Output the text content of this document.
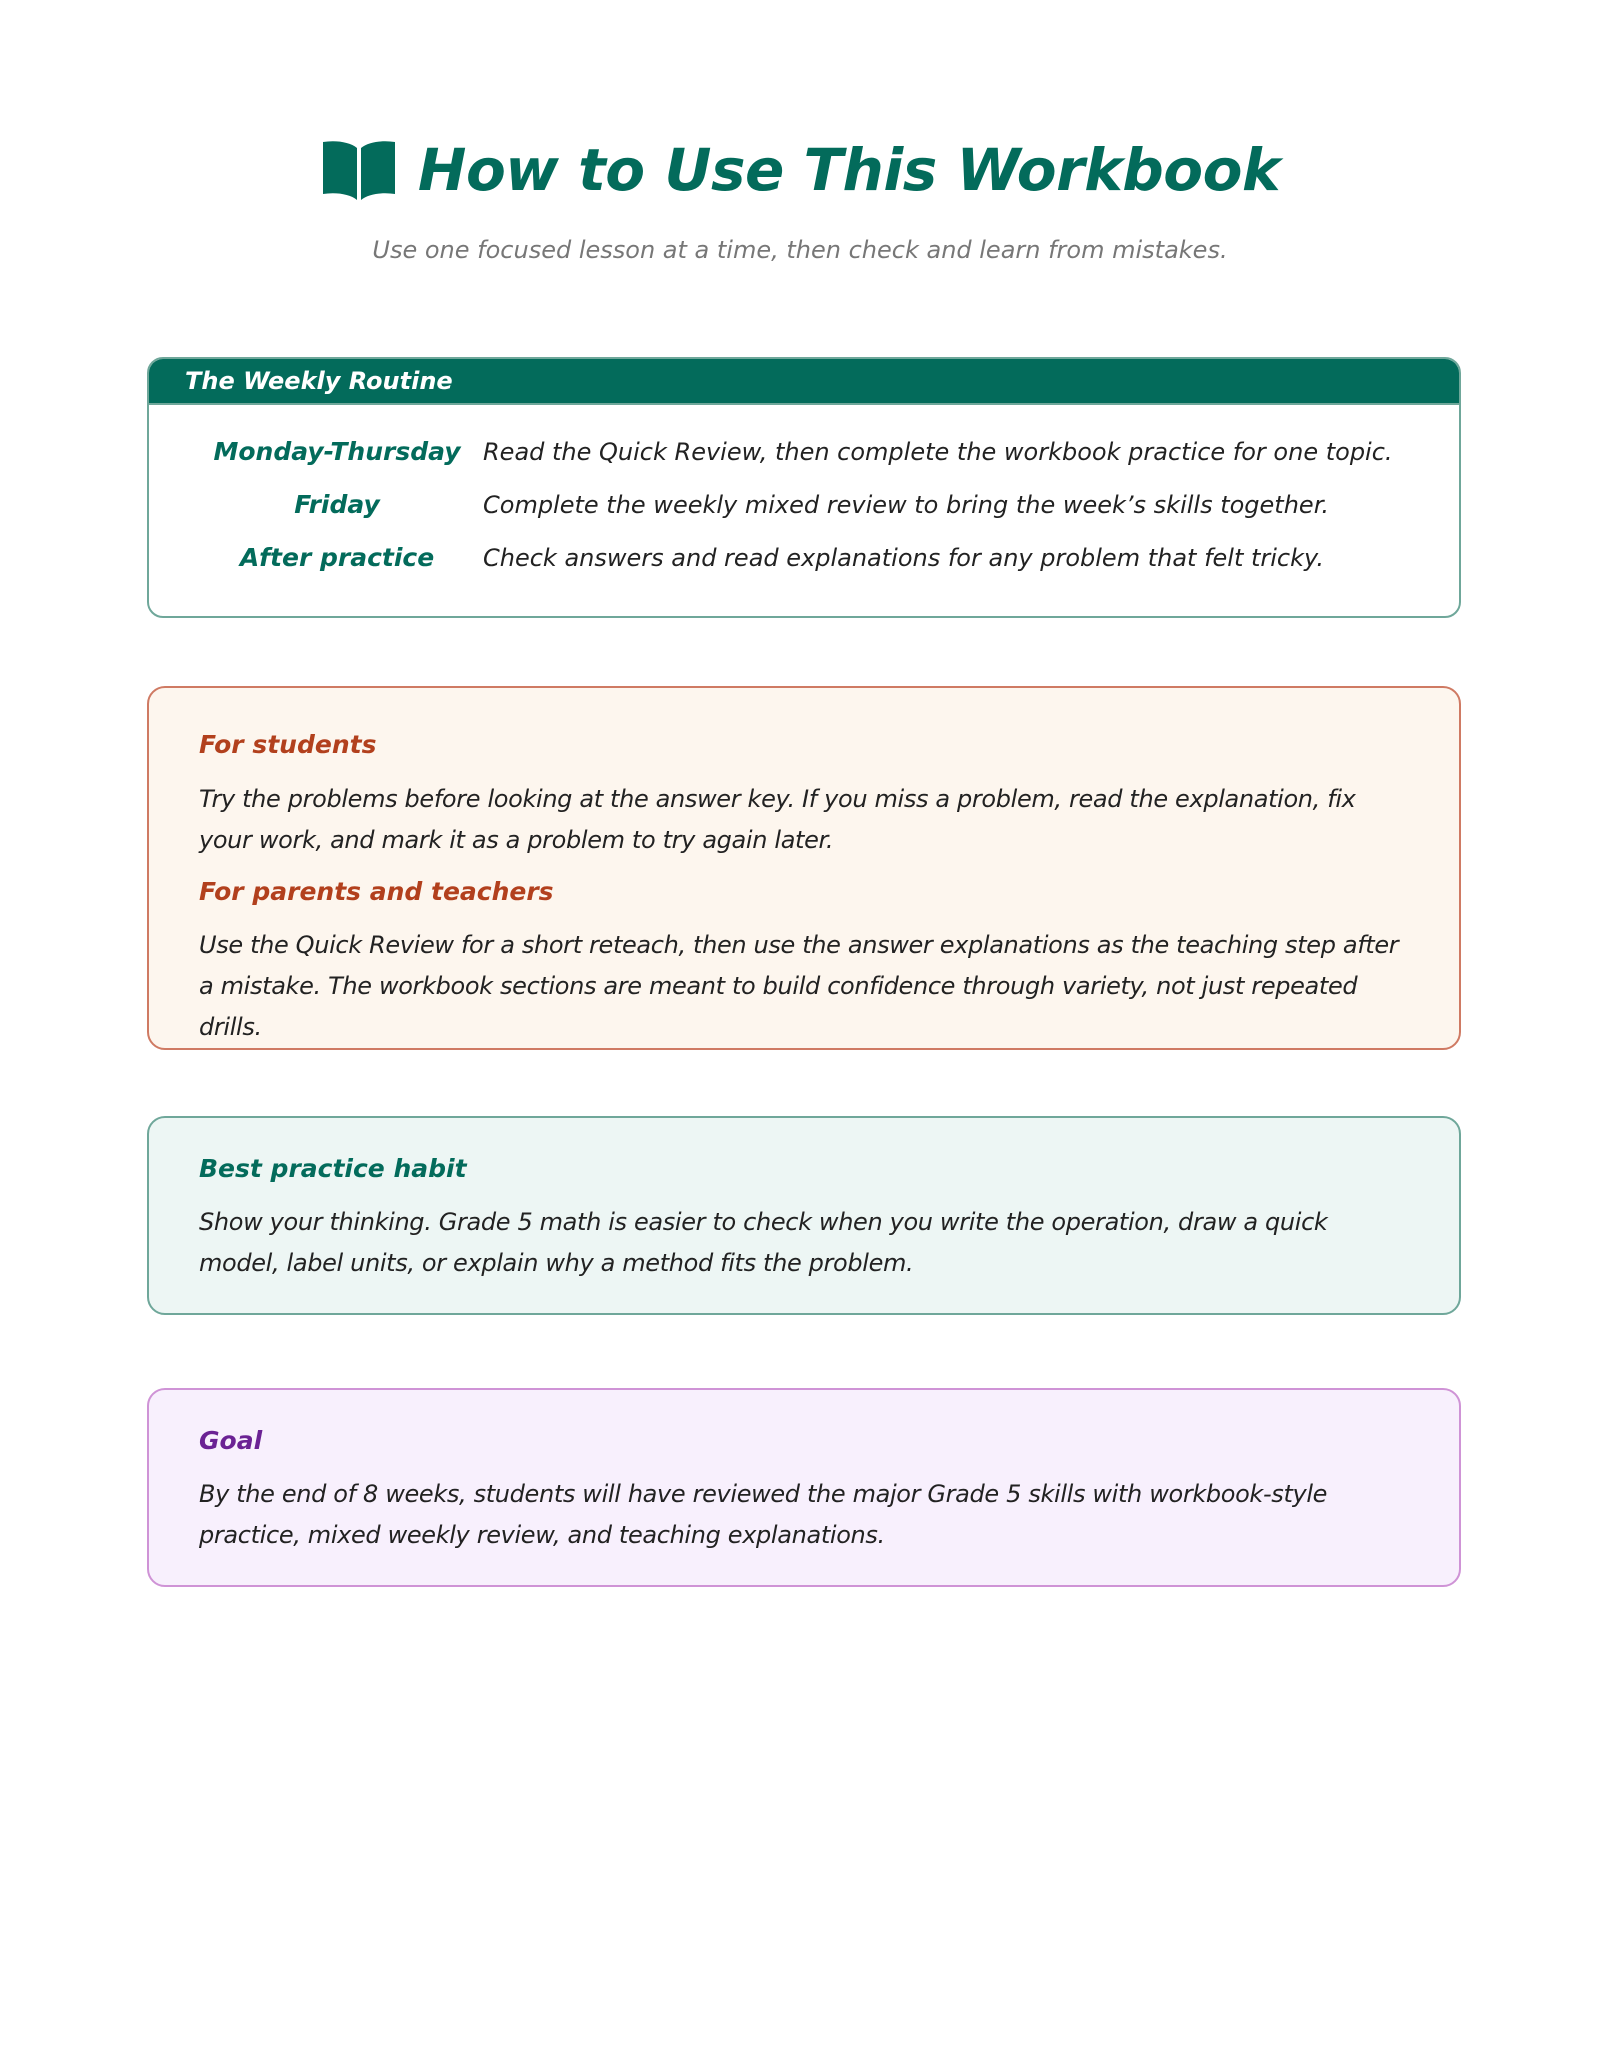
How to Use This Workbook
Use one focused lesson at a time, then check and learn from mistakes.
The Weekly Routine
Monday-Thursday Read the Quick Review, then complete the workbook practice for one topic.
Friday	Complete the weekly mixed review to bring the week’s skills together.
After practice	Check answers and read explanations for any problem that felt tricky.
For students

Try the problems before looking at the answer key. If you miss a problem, read the explanation, fix your work, and mark it as a problem to try again later.

For parents and teachers

Use the Quick Review for a short reteach, then use the answer explanations as the teaching step after a mistake. The workbook sections are meant to build confidence through variety, not just repeated drills.

Best practice habit

Show your thinking. Grade 5 math is easier to check when you write the operation, draw a quick model, label units, or explain why a method fits the problem.

Goal

By the end of 8 weeks, students will have reviewed the major Grade 5 skills with workbook-style practice, mixed weekly review, and teaching explanations.
